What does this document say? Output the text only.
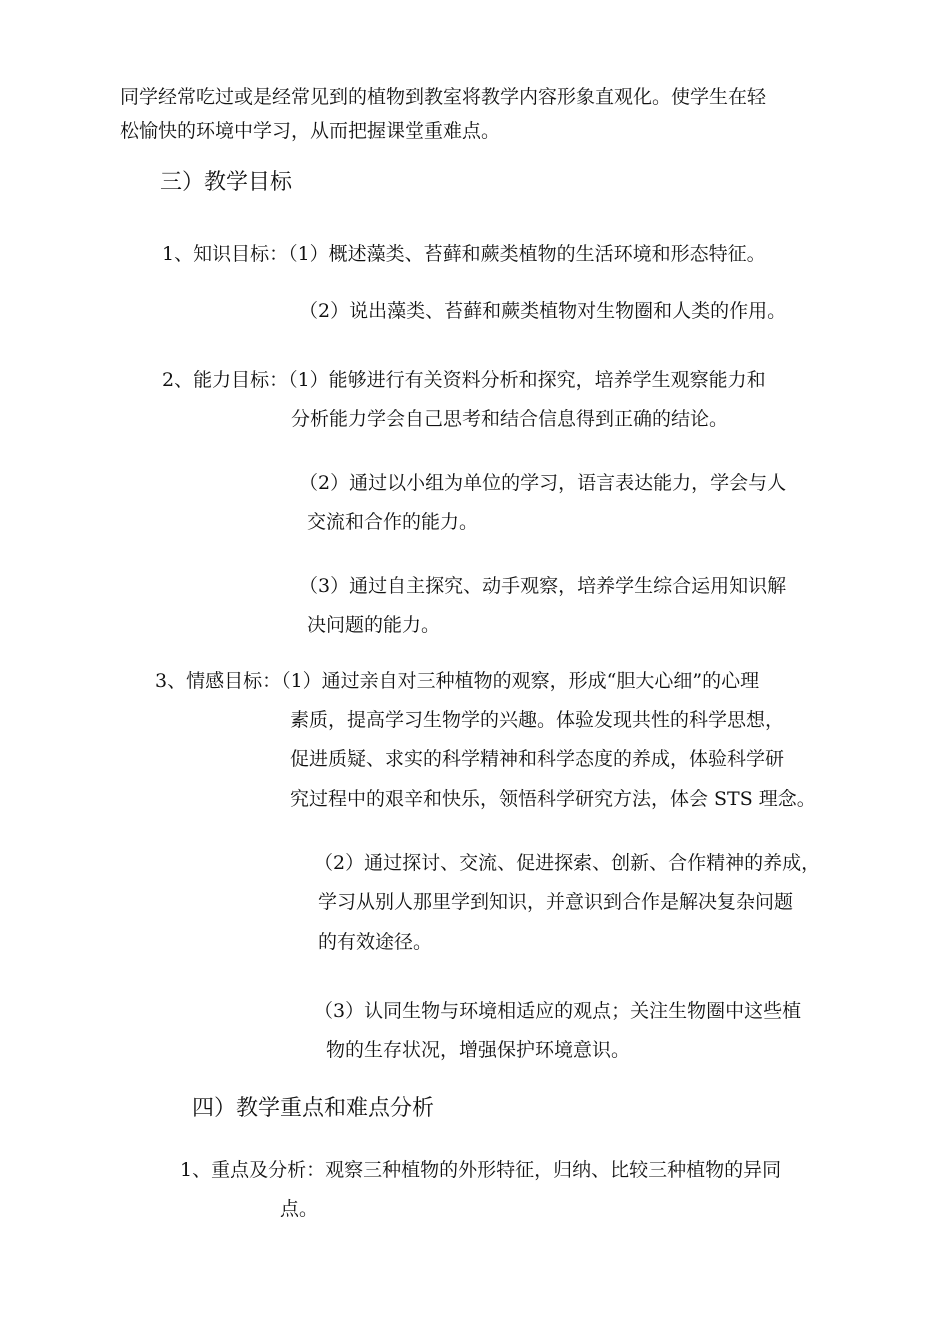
同学经常吃过或是经常见到的植物到教室将教学内容形象直观化。使学生在轻
松愉快的环境中学习，从而把握课堂重难点。
三）教学目标
1、知识目标：（1）概述藻类、苔藓和蕨类植物的生活环境和形态特征。
（2）说出藻类、苔藓和蕨类植物对生物圈和人类的作用。
2、能力目标：（1）能够进行有关资料分析和探究，培养学生观察能力和
分析能力学会自己思考和结合信息得到正确的结论。
（2）通过以小组为单位的学习，语言表达能力，学会与人
交流和合作的能力。
（3）通过自主探究、动手观察，培养学生综合运用知识解
决问题的能力。
3、情感目标：（1）通过亲自对三种植物的观察，形成“胆大心细”的心理
素质，提高学习生物学的兴趣。体验发现共性的科学思想，
促进质疑、求实的科学精神和科学态度的养成，体验科学研
究过程中的艰辛和快乐，领悟科学研究方法，体会 STS 理念。
（2）通过探讨、交流、促进探索、创新、合作精神的养成，
学习从别人那里学到知识，并意识到合作是解决复杂问题
的有效途径。
（3）认同生物与环境相适应的观点；关注生物圈中这些植
物的生存状况，增强保护环境意识。
四）教学重点和难点分析
1、重点及分析：观察三种植物的外形特征，归纳、比较三种植物的异同
点。
